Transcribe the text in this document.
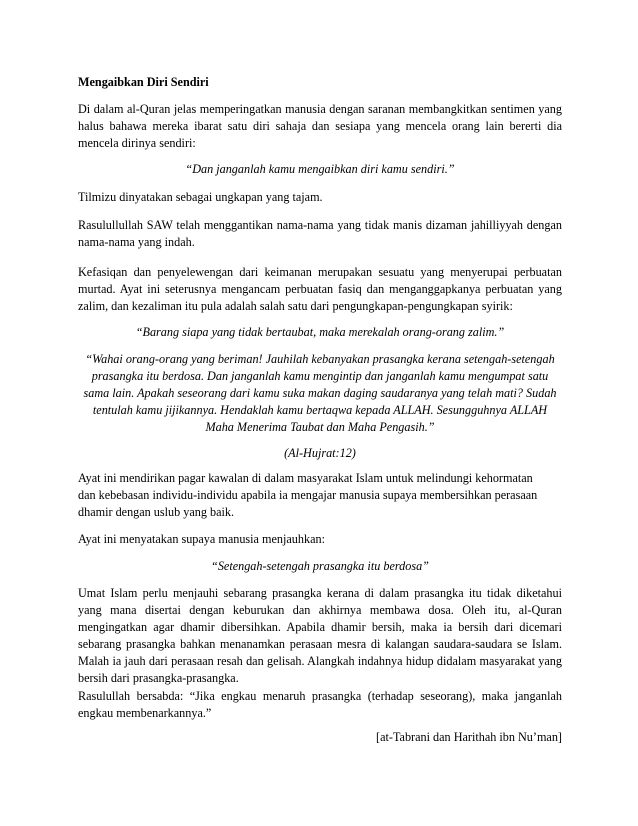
Mengaibkan Diri Sendiri
Di dalam al-Quran jelas memperingatkan manusia dengan saranan membangkitkan sentimen yang halus bahawa mereka ibarat satu diri sahaja dan sesiapa yang mencela orang lain bererti dia mencela dirinya sendiri:
“Dan janganlah kamu mengaibkan diri kamu sendiri.”
Tilmizu dinyatakan sebagai ungkapan yang tajam.
Rasulullullah SAW telah menggantikan nama-nama yang tidak manis dizaman jahilliyyah dengan nama-nama yang indah.
Kefasiqan dan penyelewengan dari keimanan merupakan sesuatu yang menyerupai perbuatan murtad. Ayat ini seterusnya mengancam perbuatan fasiq dan menganggapkanya perbuatan yang zalim, dan kezaliman itu pula adalah salah satu dari pengungkapan-pengungkapan syirik:
“Barang siapa yang tidak bertaubat, maka merekalah orang-orang zalim.”
“Wahai orang-orang yang beriman! Jauhilah kebanyakan prasangka kerana setengah-setengah
prasangka itu berdosa. Dan janganlah kamu mengintip dan janganlah kamu mengumpat satu
sama lain. Apakah seseorang dari kamu suka makan daging saudaranya yang telah mati? Sudah
tentulah kamu jijikannya. Hendaklah kamu bertaqwa kepada ALLAH. Sesungguhnya ALLAH
Maha Menerima Taubat dan Maha Pengasih.”
(Al-Hujrat:12)
Ayat ini mendirikan pagar kawalan di dalam masyarakat Islam untuk melindungi kehormatan
dan kebebasan individu-individu apabila ia mengajar manusia supaya membersihkan perasaan
dhamir dengan uslub yang baik.
Ayat ini menyatakan supaya manusia menjauhkan:
“Setengah-setengah prasangka itu berdosa”
Umat Islam perlu menjauhi sebarang prasangka kerana di dalam prasangka itu tidak diketahui yang mana disertai dengan keburukan dan akhirnya membawa dosa. Oleh itu, al-Quran mengingatkan agar dhamir dibersihkan. Apabila dhamir bersih, maka ia bersih dari dicemari sebarang prasangka bahkan menanamkan perasaan mesra di kalangan saudara-saudara se Islam. Malah ia jauh dari perasaan resah dan gelisah. Alangkah indahnya hidup didalam masyarakat yang bersih dari prasangka-prasangka.
Rasulullah bersabda: “Jika engkau menaruh prasangka (terhadap seseorang), maka janganlah engkau membenarkannya.”
[at-Tabrani dan Harithah ibn Nu’man]
